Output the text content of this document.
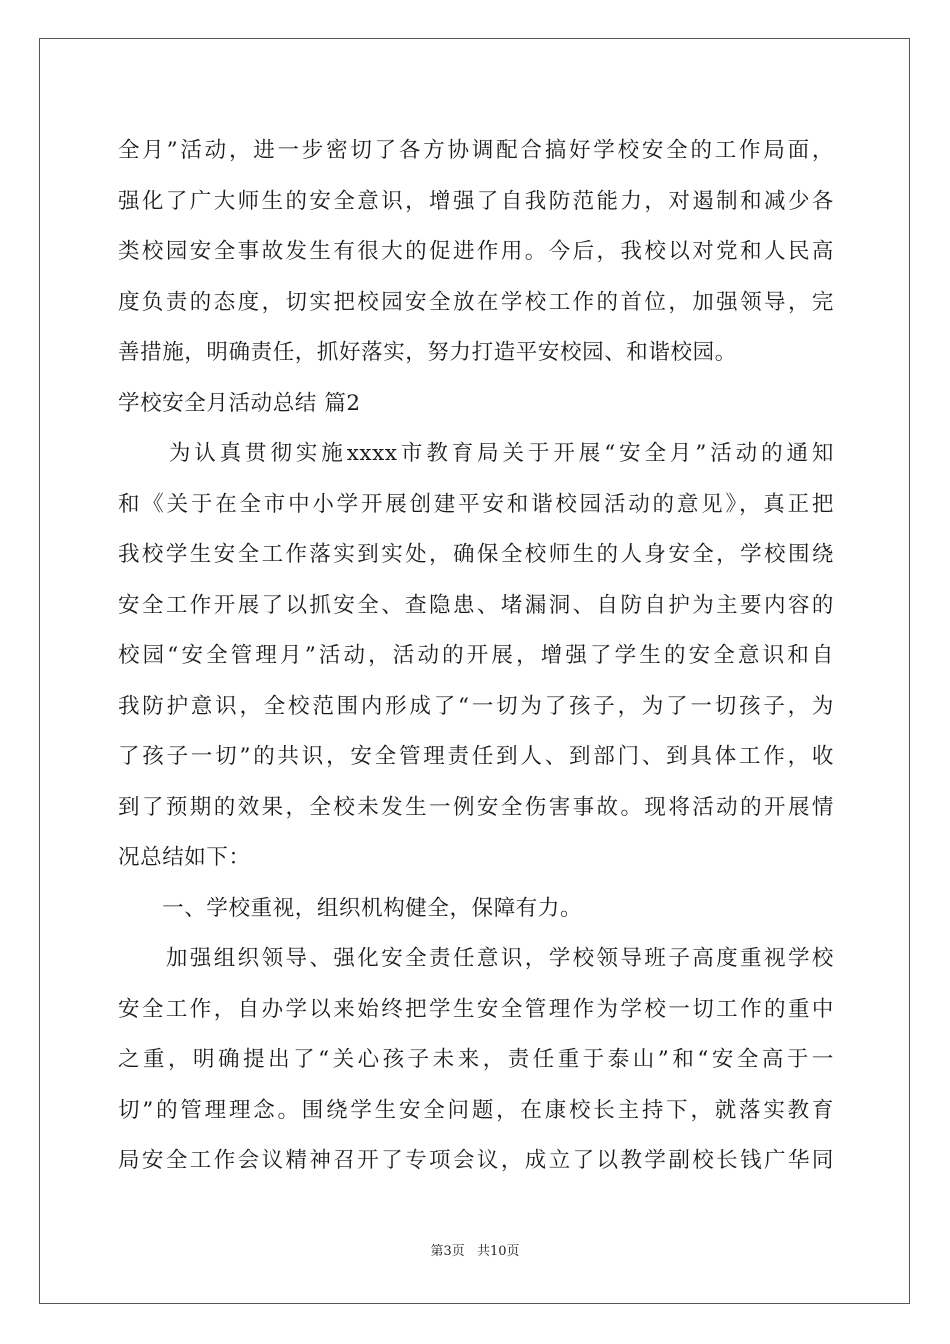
全月”活动，进一步密切了各方协调配合搞好学校安全的工作局面，
强化了广大师生的安全意识，增强了自我防范能力，对遏制和减少各
类校园安全事故发生有很大的促进作用。今后，我校以对党和人民高
度负责的态度，切实把校园安全放在学校工作的首位，加强领导，完
善措施，明确责任，抓好落实，努力打造平安校园、和谐校园。
学校安全月活动总结 篇2
　　为认真贯彻实施xxxx市教育局关于开展“安全月”活动的通知
和《关于在全市中小学开展创建平安和谐校园活动的意见》，真正把
我校学生安全工作落实到实处，确保全校师生的人身安全，学校围绕
安全工作开展了以抓安全、查隐患、堵漏洞、自防自护为主要内容的
校园“安全管理月”活动，活动的开展，增强了学生的安全意识和自
我防护意识，全校范围内形成了“一切为了孩子，为了一切孩子，为
了孩子一切”的共识，安全管理责任到人、到部门、到具体工作，收
到了预期的效果，全校未发生一例安全伤害事故。现将活动的开展情
况总结如下：
　　一、学校重视，组织机构健全，保障有力。
　　加强组织领导、强化安全责任意识，学校领导班子高度重视学校
安全工作，自办学以来始终把学生安全管理作为学校一切工作的重中
之重，明确提出了“关心孩子未来，责任重于泰山”和“安全高于一
切”的管理理念。围绕学生安全问题，在康校长主持下，就落实教育
局安全工作会议精神召开了专项会议，成立了以教学副校长钱广华同
第3页 共10页
